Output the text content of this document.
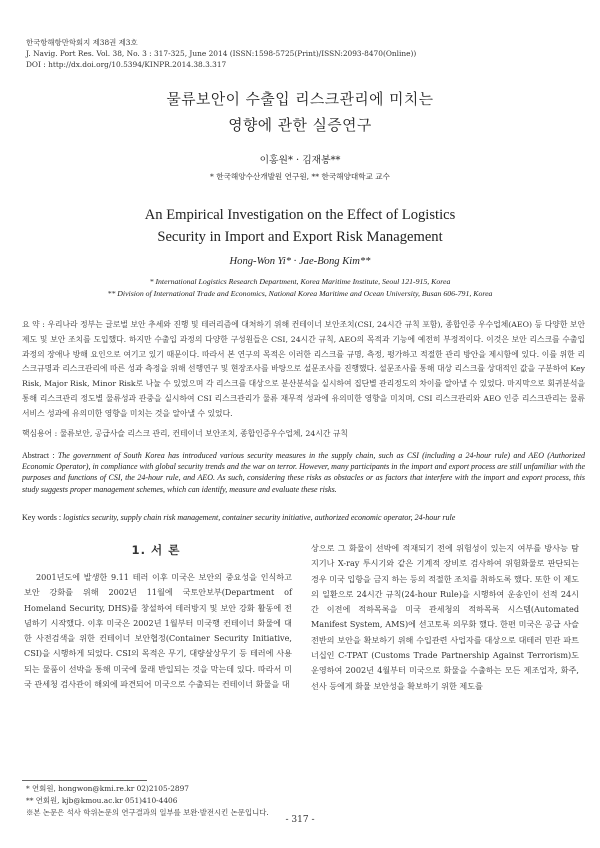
한국항해항만학회지 제38권 제3호
J. Navig. Port Res. Vol. 38, No. 3 : 317-325, June 2014 (ISSN:1598-5725(Print)/ISSN:2093-8470(Online))
DOI : http://dx.doi.org/10.5394/KINPR.2014.38.3.317
물류보안이 수출입 리스크관리에 미치는
영향에 관한 실증연구
이홍원* · 김재봉**
* 한국해양수산개발원 연구원, ** 한국해양대학교 교수
An Empirical Investigation on the Effect of Logistics
Security in Import and Export Risk Management
Hong-Won Yi* · Jae-Bong Kim**
* International Logistics Research Department, Korea Maritime Institute, Seoul 121-915, Korea
** Division of International Trade and Economics, National Korea Maritime and Ocean University, Busan 606-791, Korea
요 약 : 우리나라 정부는 글로벌 보안 추세와 진행 및 테러리즘에 대처하기 위해 컨테이너 보안조치(CSI, 24시간 규칙 포함), 종합인증 우수업체(AEO) 등 다양한 보안 제도 및 보안 조치를 도입했다. 하지만 수출입 과정의 다양한 구성원들은 CSI, 24시간 규칙, AEO의 목적과 기능에 예전히 부정적이다. 이것은 보안 리스크를 수출입 과정의 장애나 방해 요인으로 여기고 있기 때문이다. 따라서 본 연구의 목적은 이러한 리스크를 규명, 측정, 평가하고 적절한 관리 방안을 제시함에 있다. 이를 위한 리스크규명과 리스크관리에 따른 성과 측정을 위해 선행연구 및 현장조사를 바탕으로 설문조사를 진행했다. 설문조사를 통해 대상 리스크를 상대적인 값을 구분하여 Key Risk, Major Risk, Minor Risk로 나눌 수 있었으며 각 리스크를 대상으로 분산분석을 실시하여 집단별 관리정도의 차이를 알아낼 수 있었다. 마지막으로 회귀분석을 통해 리스크관리 정도별 물류성과 관중을 실시하여 CSI 리스크관리가 물류 재무적 성과에 유의미한 영향을 미치며, CSI 리스크관리와 AEO 인증 리스크관리는 물류 서비스 성과에 유의미한 영향을 미치는 것을 알아낼 수 있었다.
핵심용어 : 물류보안, 공급사슬 리스크 관리, 컨테이너 보안조치, 종합인증우수업체, 24시간 규칙
Abstract : The government of South Korea has introduced various security measures in the supply chain, such as CSI (including a 24-hour rule) and AEO (Authorized Economic Operator), in compliance with global security trends and the war on terror. However, many participants in the import and export process are still unfamiliar with the purposes and functions of CSI, the 24-hour rule, and AEO. As such, considering these risks as obstacles or as factors that interfere with the import and export process, this study suggests proper management schemes, which can identify, measure and evaluate these risks.
Key words : logistics security, supply chain risk management, container security initiative, authorized economic operator, 24-hour rule
1. 서 론
2001년도에 발생한 9.11 테러 이후 미국은 보안의 중요성을 인식하고 보안 강화를 위해 2002년 11월에 국토안보부(Department of Homeland Security, DHS)를 창설하여 테러방지 및 보안 강화 활동에 전념하기 시작했다. 이후 미국은 2002년 1월부터 미국행 컨테이너 화물에 대한 사전검색을 위한 컨테이너 보안협정(Container Security Initiative, CSI)을 시행하게 되었다. CSI의 목적은 무기, 대량살상무기 등 테러에 사용되는 물품이 선박을 통해 미국에 물래 반입되는 것을 막는데 있다. 따라서 미국 관세청 검사관이 해외에 파견되어 미국으로 수출되는 컨테이너 화물을 대
상으로 그 화물이 선박에 적재되기 전에 위험성이 있는지 여부를 방사능 탐지기나 X-ray 투시기와 같은 기계적 장비로 검사하여 위험화물로 판단되는 경우 미국 입항을 금지 하는 등의 적절한 조치를 취하도록 했다. 또한 이 제도의 일환으로 24시간 규칙(24-hour Rule)을 시행하여 운송인이 선적 24시간 이전에 적하목록을 미국 관세청의 적하목록 시스템(Automated Manifest System, AMS)에 선고토록 의무화 했다. 한편 미국은 공급 사슬 전반의 보안을 확보하기 위해 수입관련 사업자를 대상으로 대테러 민관 파트너십인 C-TPAT (Customs Trade Partnership Against Terrorism)도 운영하여 2002년 4월부터 미국으로 화물을 수출하는 모든 제조업자, 화주, 선사 등에게 화물 보안성을 확보하기 위한 제도를
* 연회원, hongwon@kmi.re.kr 02)2105-2897
** 연회원, kjb@kmou.ac.kr 051)410-4406
※본 논문은 석사 학위논문의 연구결과의 일부를 보완·발전시킨 논문입니다.
- 317 -
